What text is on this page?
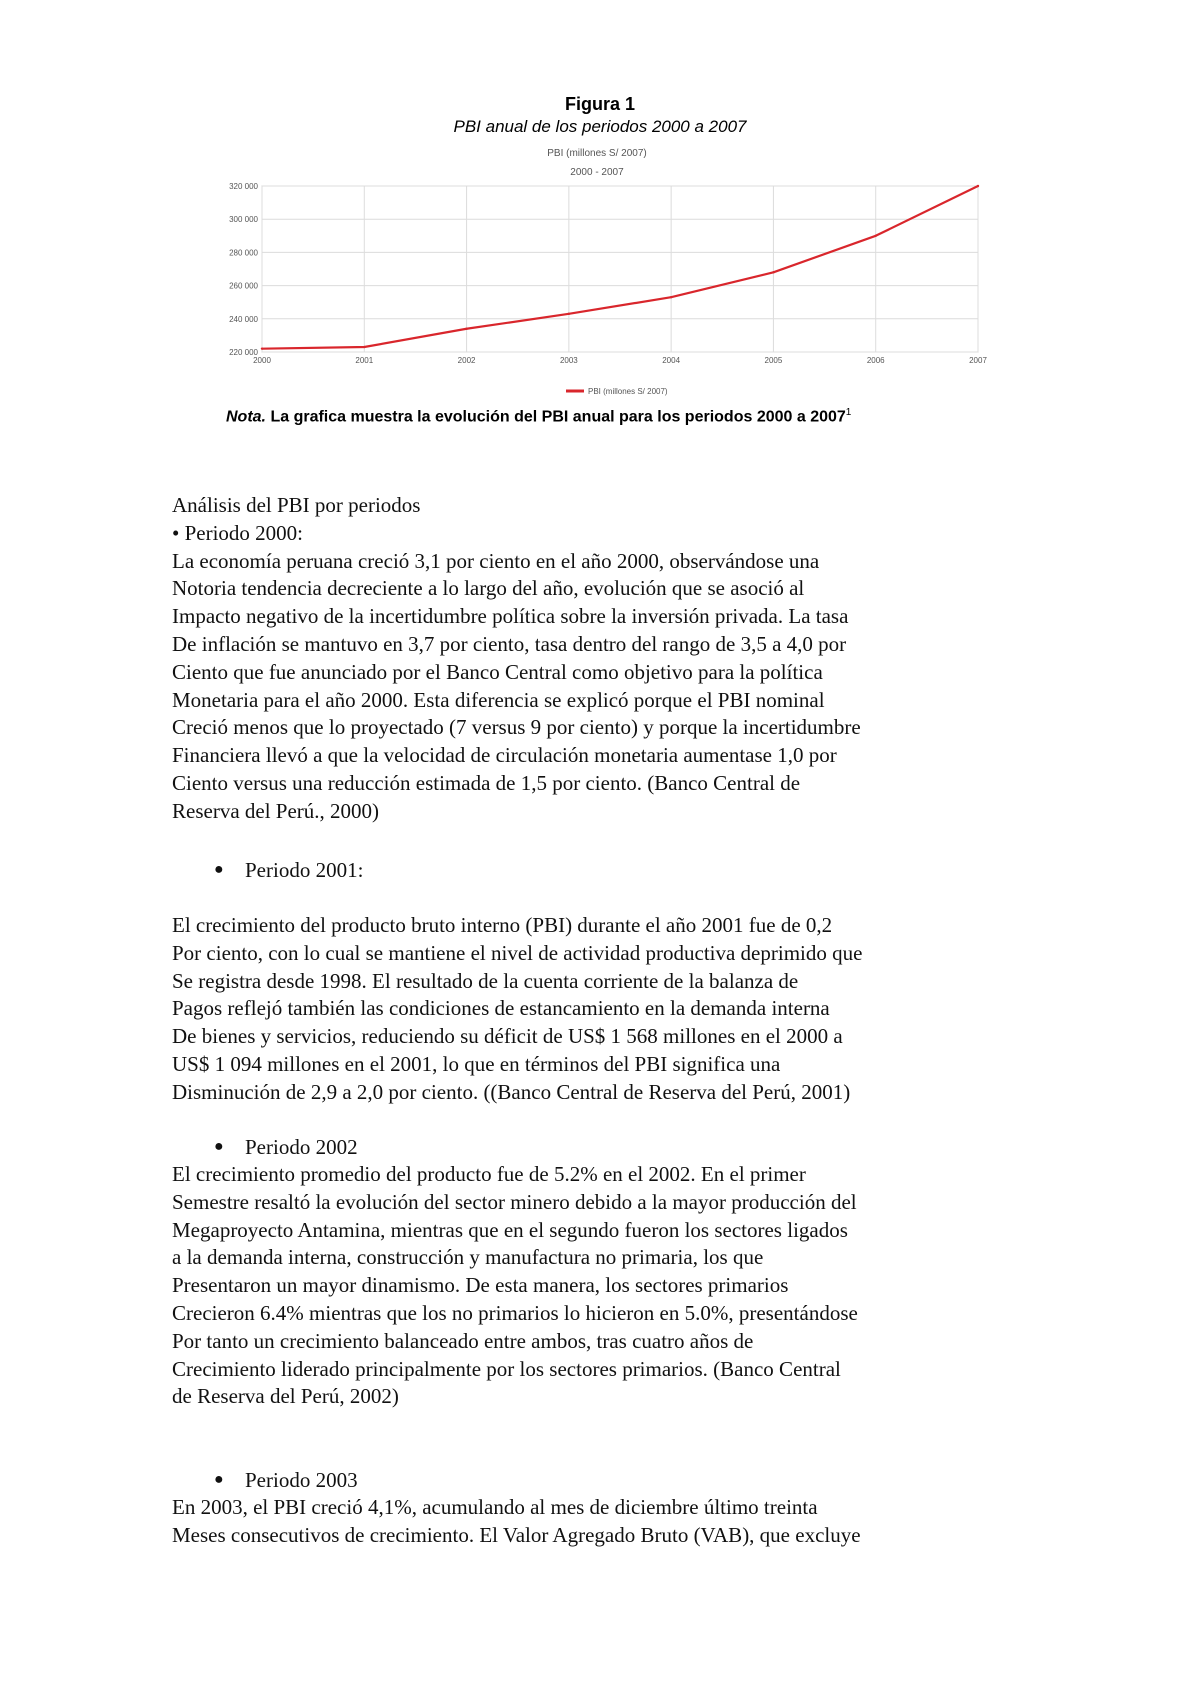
Figura 1
PBI anual de los periodos 2000 a 2007
PBI (millones S/ 2007)
2000 - 2007
320 000
300 000
280 000
260 000
240 000
220 000
2000	2001	2002	2003	2004	2005	2006	2007
PBI (millones S/ 2007)
Nota. La grafica muestra la evolución del PBI anual para los periodos 2000 a 2007$^1$

Análisis del PBI por periodos

• Periodo 2000:

La economía peruana creció 3,1 por ciento en el año 2000, observándose una

Notoria tendencia decreciente a lo largo del año, evolución que se asoció al

Impacto negativo de la incertidumbre política sobre la inversión privada. La tasa

De inflación se mantuvo en 3,7 por ciento, tasa dentro del rango de 3,5 a 4,0 por

Ciento que fue anunciado por el Banco Central como objetivo para la política

Monetaria para el año 2000. Esta diferencia se explicó porque el PBI nominal

Creció menos que lo proyectado (7 versus 9 por ciento) y porque la incertidumbre

Financiera llevó a que la velocidad de circulación monetaria aumentase 1,0 por

Ciento versus una reducción estimada de 1,5 por ciento. (Banco Central de

Reserva del Perú., 2000)

● Periodo 2001:

El crecimiento del producto bruto interno (PBI) durante el año 2001 fue de 0,2

Por ciento, con lo cual se mantiene el nivel de actividad productiva deprimido que

Se registra desde 1998. El resultado de la cuenta corriente de la balanza de

Pagos reflejó también las condiciones de estancamiento en la demanda interna

De bienes y servicios, reduciendo su déficit de US$ 1 568 millones en el 2000 a

US$ 1 094 millones en el 2001, lo que en términos del PBI significa una

Disminución de 2,9 a 2,0 por ciento. ((Banco Central de Reserva del Perú, 2001)

● Periodo 2002

El crecimiento promedio del producto fue de 5.2% en el 2002. En el primer

Semestre resaltó la evolución del sector minero debido a la mayor producción del

Megaproyecto Antamina, mientras que en el segundo fueron los sectores ligados

a la demanda interna, construcción y manufactura no primaria, los que

Presentaron un mayor dinamismo. De esta manera, los sectores primarios

Crecieron 6.4% mientras que los no primarios lo hicieron en 5.0%, presentándose

Por tanto un crecimiento balanceado entre ambos, tras cuatro años de

Crecimiento liderado principalmente por los sectores primarios. (Banco Central

de Reserva del Perú, 2002)

● Periodo 2003

En 2003, el PBI creció 4,1%, acumulando al mes de diciembre último treinta

Meses consecutivos de crecimiento. El Valor Agregado Bruto (VAB), que excluye
